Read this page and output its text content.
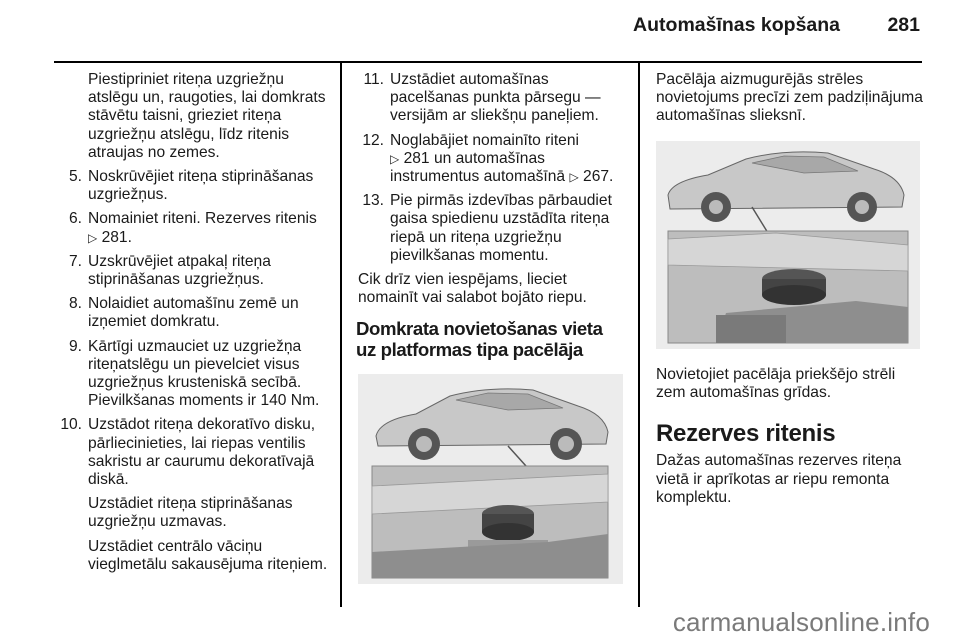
Automašīnas kopšana 281

Piestipriniet riteņa uzgriežņu atslēgu un, raugoties, lai domkrats stāvētu taisni, grieziet riteņa uzgriežņu atslēgu, līdz ritenis atraujas no zemes.

5. Noskrūvējiet riteņa stiprināšanas uzgriežņus.
6. Nomainiet riteni. Rezerves ritenis
▷ 281.
7. Uzskrūvējiet atpakaļ riteņa stiprināšanas uzgriežņus.
8. Nolaidiet automašīnu zemē un izņemiet domkratu.
9. Kārtīgi uzmauciet uz uzgriežņa riteņatslēgu un pievelciet visus uzgriežņus krusteniskā secībā. Pievilkšanas moments ir 140 Nm.
10. Uzstādot riteņa dekoratīvo disku, pārliecinieties, lai riepas ventilis sakristu ar caurumu dekoratīvajā diskā.

Uzstādiet riteņa stiprināšanas uzgriežņu uzmavas.

Uzstādiet centrālo vāciņu vieglmetālu sakausējuma riteņiem.

11. Uzstādiet automašīnas pacelšanas punkta pārsegu — versijām ar sliekšņu paneļiem.
12. Noglabājiet nomainīto riteni
▷ 281 un automašīnas instrumentus automašīnā ▷ 267.
13. Pie pirmās izdevības pārbaudiet gaisa spiedienu uzstādīta riteņa riepā un riteņa uzgriežņu pievilkšanas momentu.

Cik drīz vien iespējams, lieciet nomainīt vai salabot bojāto riepu.

Domkrata novietošanas vieta uz platformas tipa pacēlāja

Pacēlāja aizmugurējās strēles novietojums precīzi zem padziļinājuma automašīnas slieksnī.

Novietojiet pacēlāja priekšējo strēli zem automašīnas grīdas.

Rezerves ritenis

Dažas automašīnas rezerves riteņa vietā ir aprīkotas ar riepu remonta komplektu.

carmanualsonline.info
